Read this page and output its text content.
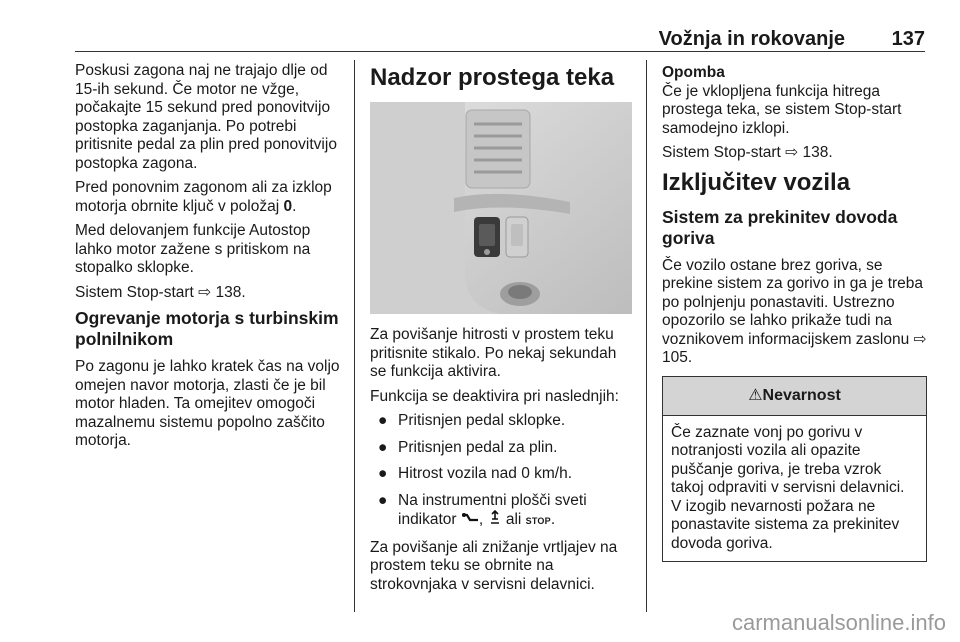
Vožnja in rokovanje 137

Poskusi zagona naj ne trajajo dlje od 15-ih sekund. Če motor ne vžge, počakajte 15 sekund pred ponovitvijo postopka zaganjanja. Po potrebi pritisnite pedal za plin pred ponovitvijo postopka zagona.

Pred ponovnim zagonom ali za izklop motorja obrnite ključ v položaj 0.

Med delovanjem funkcije Autostop lahko motor zažene s pritiskom na stopalko sklopke.

Sistem Stop-start ⇨ 138.

Ogrevanje motorja s turbinskim polnilnikom

Po zagonu je lahko kratek čas na voljo omejen navor motorja, zlasti če je bil motor hladen. Ta omejitev omogoči mazalnemu sistemu popolno zaščito motorja.

Nadzor prostega teka

Za povišanje hitrosti v prostem teku pritisnite stikalo. Po nekaj sekundah se funkcija aktivira.

Funkcija se deaktivira pri naslednjih:

● Pritisnjen pedal sklopke.
● Pritisnjen pedal za plin.
● Hitrost vozila nad 0 km/h.
● Na instrumentni plošči sveti indikator ,  ali STOP.

Za povišanje ali znižanje vrtljajev na prostem teku se obrnite na strokovnjaka v servisni delavnici.

Opomba
Če je vklopljena funkcija hitrega prostega teka, se sistem Stop-start samodejno izklopi.

Sistem Stop-start ⇨ 138.

Izključitev vozila
Sistem za prekinitev dovoda goriva

Če vozilo ostane brez goriva, se prekine sistem za gorivo in ga je treba po polnjenju ponastaviti. Ustrezno opozorilo se lahko prikaže tudi na voznikovem informacijskem zaslonu ⇨ 105.

⚠Nevarnost
Če zaznate vonj po gorivu v notranjosti vozila ali opazite puščanje goriva, je treba vzrok takoj odpraviti v servisni delavnici. V izogib nevarnosti požara ne ponastavite sistema za prekinitev dovoda goriva.
carmanualsonline.info
